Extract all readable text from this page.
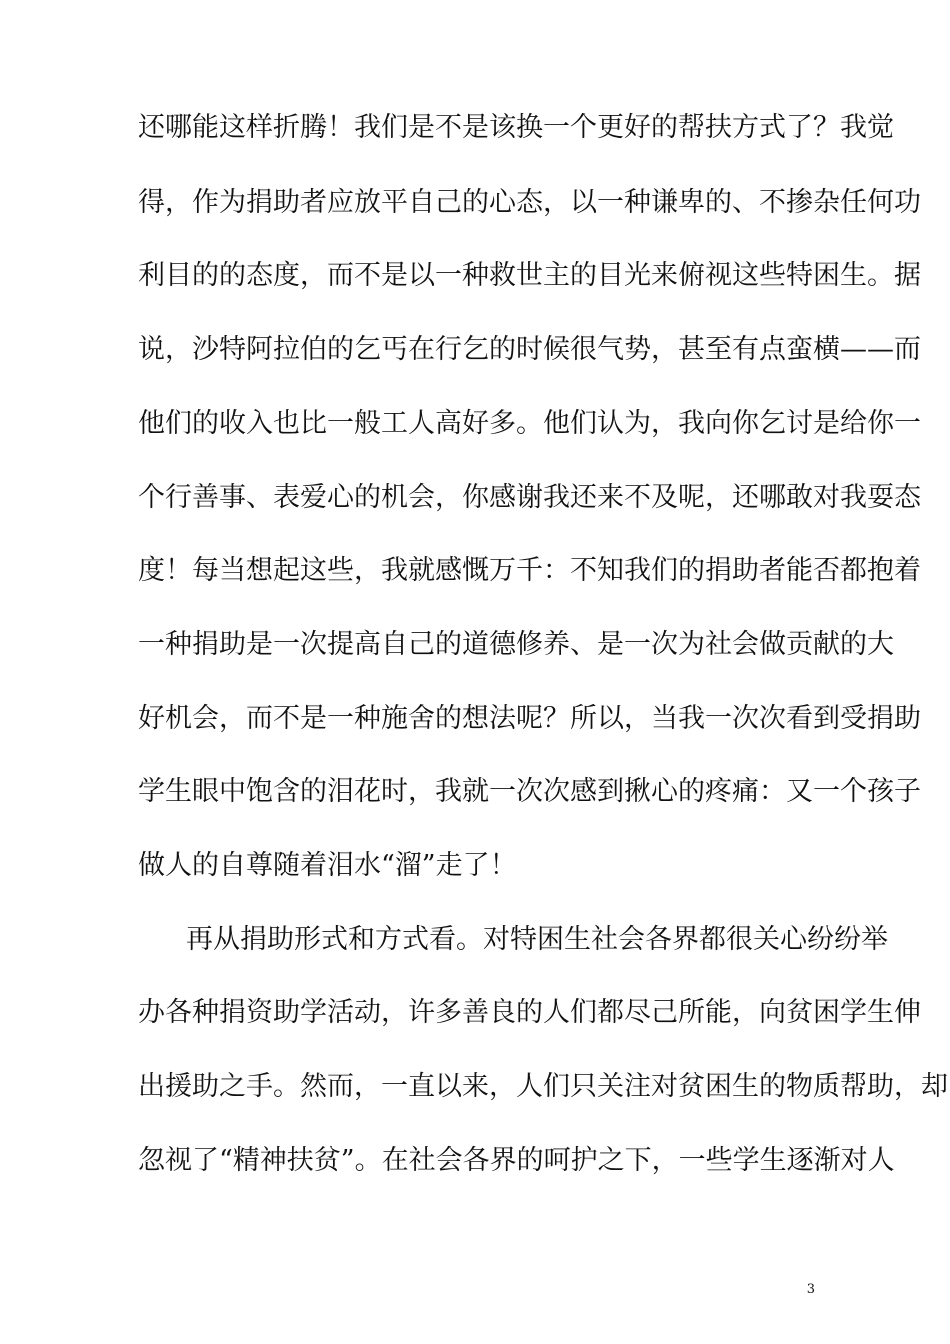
还哪能这样折腾！我们是不是该换一个更好的帮扶方式了？我觉
得，作为捐助者应放平自己的心态，以一种谦卑的、不掺杂任何功
利目的的态度，而不是以一种救世主的目光来俯视这些特困生。据
说，沙特阿拉伯的乞丐在行乞的时候很气势，甚至有点蛮横——而
他们的收入也比一般工人高好多。他们认为，我向你乞讨是给你一
个行善事、表爱心的机会，你感谢我还来不及呢，还哪敢对我耍态
度！每当想起这些，我就感慨万千：不知我们的捐助者能否都抱着
一种捐助是一次提高自己的道德修养、是一次为社会做贡献的大
好机会，而不是一种施舍的想法呢？所以，当我一次次看到受捐助
学生眼中饱含的泪花时，我就一次次感到揪心的疼痛：又一个孩子
做人的自尊随着泪水“溜”走了！
再从捐助形式和方式看。对特困生社会各界都很关心纷纷举
办各种捐资助学活动，许多善良的人们都尽己所能，向贫困学生伸
出援助之手。然而，一直以来，人们只关注对贫困生的物质帮助，却
忽视了“精神扶贫”。在社会各界的呵护之下，一些学生逐渐对人
3
